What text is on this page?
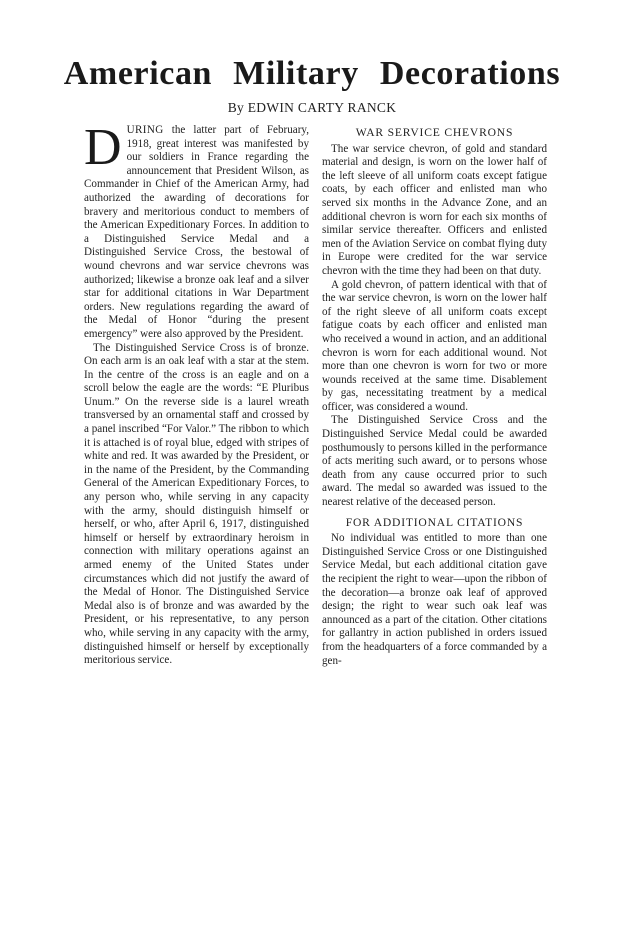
American Military Decorations
By EDWIN CARTY RANCK

DURING the latter part of February, 1918, great interest was manifested by our soldiers in France regarding the announcement that President Wilson, as Commander in Chief of the American Army, had authorized the awarding of decorations for bravery and meritorious conduct to members of the American Expeditionary Forces. In addition to a Distinguished Service Medal and a Distinguished Service Cross, the bestowal of wound chevrons and war service chevrons was authorized; likewise a bronze oak leaf and a silver star for additional citations in War Department orders. New regulations regarding the award of the Medal of Honor “during the present emergency” were also approved by the President.

The Distinguished Service Cross is of bronze. On each arm is an oak leaf with a star at the stem. In the centre of the cross is an eagle and on a scroll below the eagle are the words: “E Pluribus Unum.” On the reverse side is a laurel wreath transversed by an ornamental staff and crossed by a panel inscribed “For Valor.” The ribbon to which it is attached is of royal blue, edged with stripes of white and red. It was awarded by the President, or in the name of the President, by the Commanding General of the American Expeditionary Forces, to any person who, while serving in any capacity with the army, should distinguish himself or herself, or who, after April 6, 1917, distinguished himself or herself by extraordinary heroism in connection with military operations against an armed enemy of the United States under circumstances which did not justify the award of the Medal of Honor. The Distinguished Service Medal also is of bronze and was awarded by the President, or his representative, to any person who, while serving in any capacity with the army, distinguished himself or herself by exceptionally meritorious service.

WAR SERVICE CHEVRONS

The war service chevron, of gold and standard material and design, is worn on the lower half of the left sleeve of all uniform coats except fatigue coats, by each officer and enlisted man who served six months in the Advance Zone, and an additional chevron is worn for each six months of similar service thereafter. Officers and enlisted men of the Aviation Service on combat flying duty in Europe were credited for the war service chevron with the time they had been on that duty.

A gold chevron, of pattern identical with that of the war service chevron, is worn on the lower half of the right sleeve of all uniform coats except fatigue coats by each officer and enlisted man who received a wound in action, and an additional chevron is worn for each additional wound. Not more than one chevron is worn for two or more wounds received at the same time. Disablement by gas, necessitating treatment by a medical officer, was considered a wound.

The Distinguished Service Cross and the Distinguished Service Medal could be awarded posthumously to persons killed in the performance of acts meriting such award, or to persons whose death from any cause occurred prior to such award. The medal so awarded was issued to the nearest relative of the deceased person.

FOR ADDITIONAL CITATIONS

No individual was entitled to more than one Distinguished Service Cross or one Distinguished Service Medal, but each additional citation gave the recipient the right to wear—upon the ribbon of the decoration—a bronze oak leaf of approved design; the right to wear such oak leaf was announced as a part of the citation. Other citations for gallantry in action published in orders issued from the headquarters of a force commanded by a gen-
